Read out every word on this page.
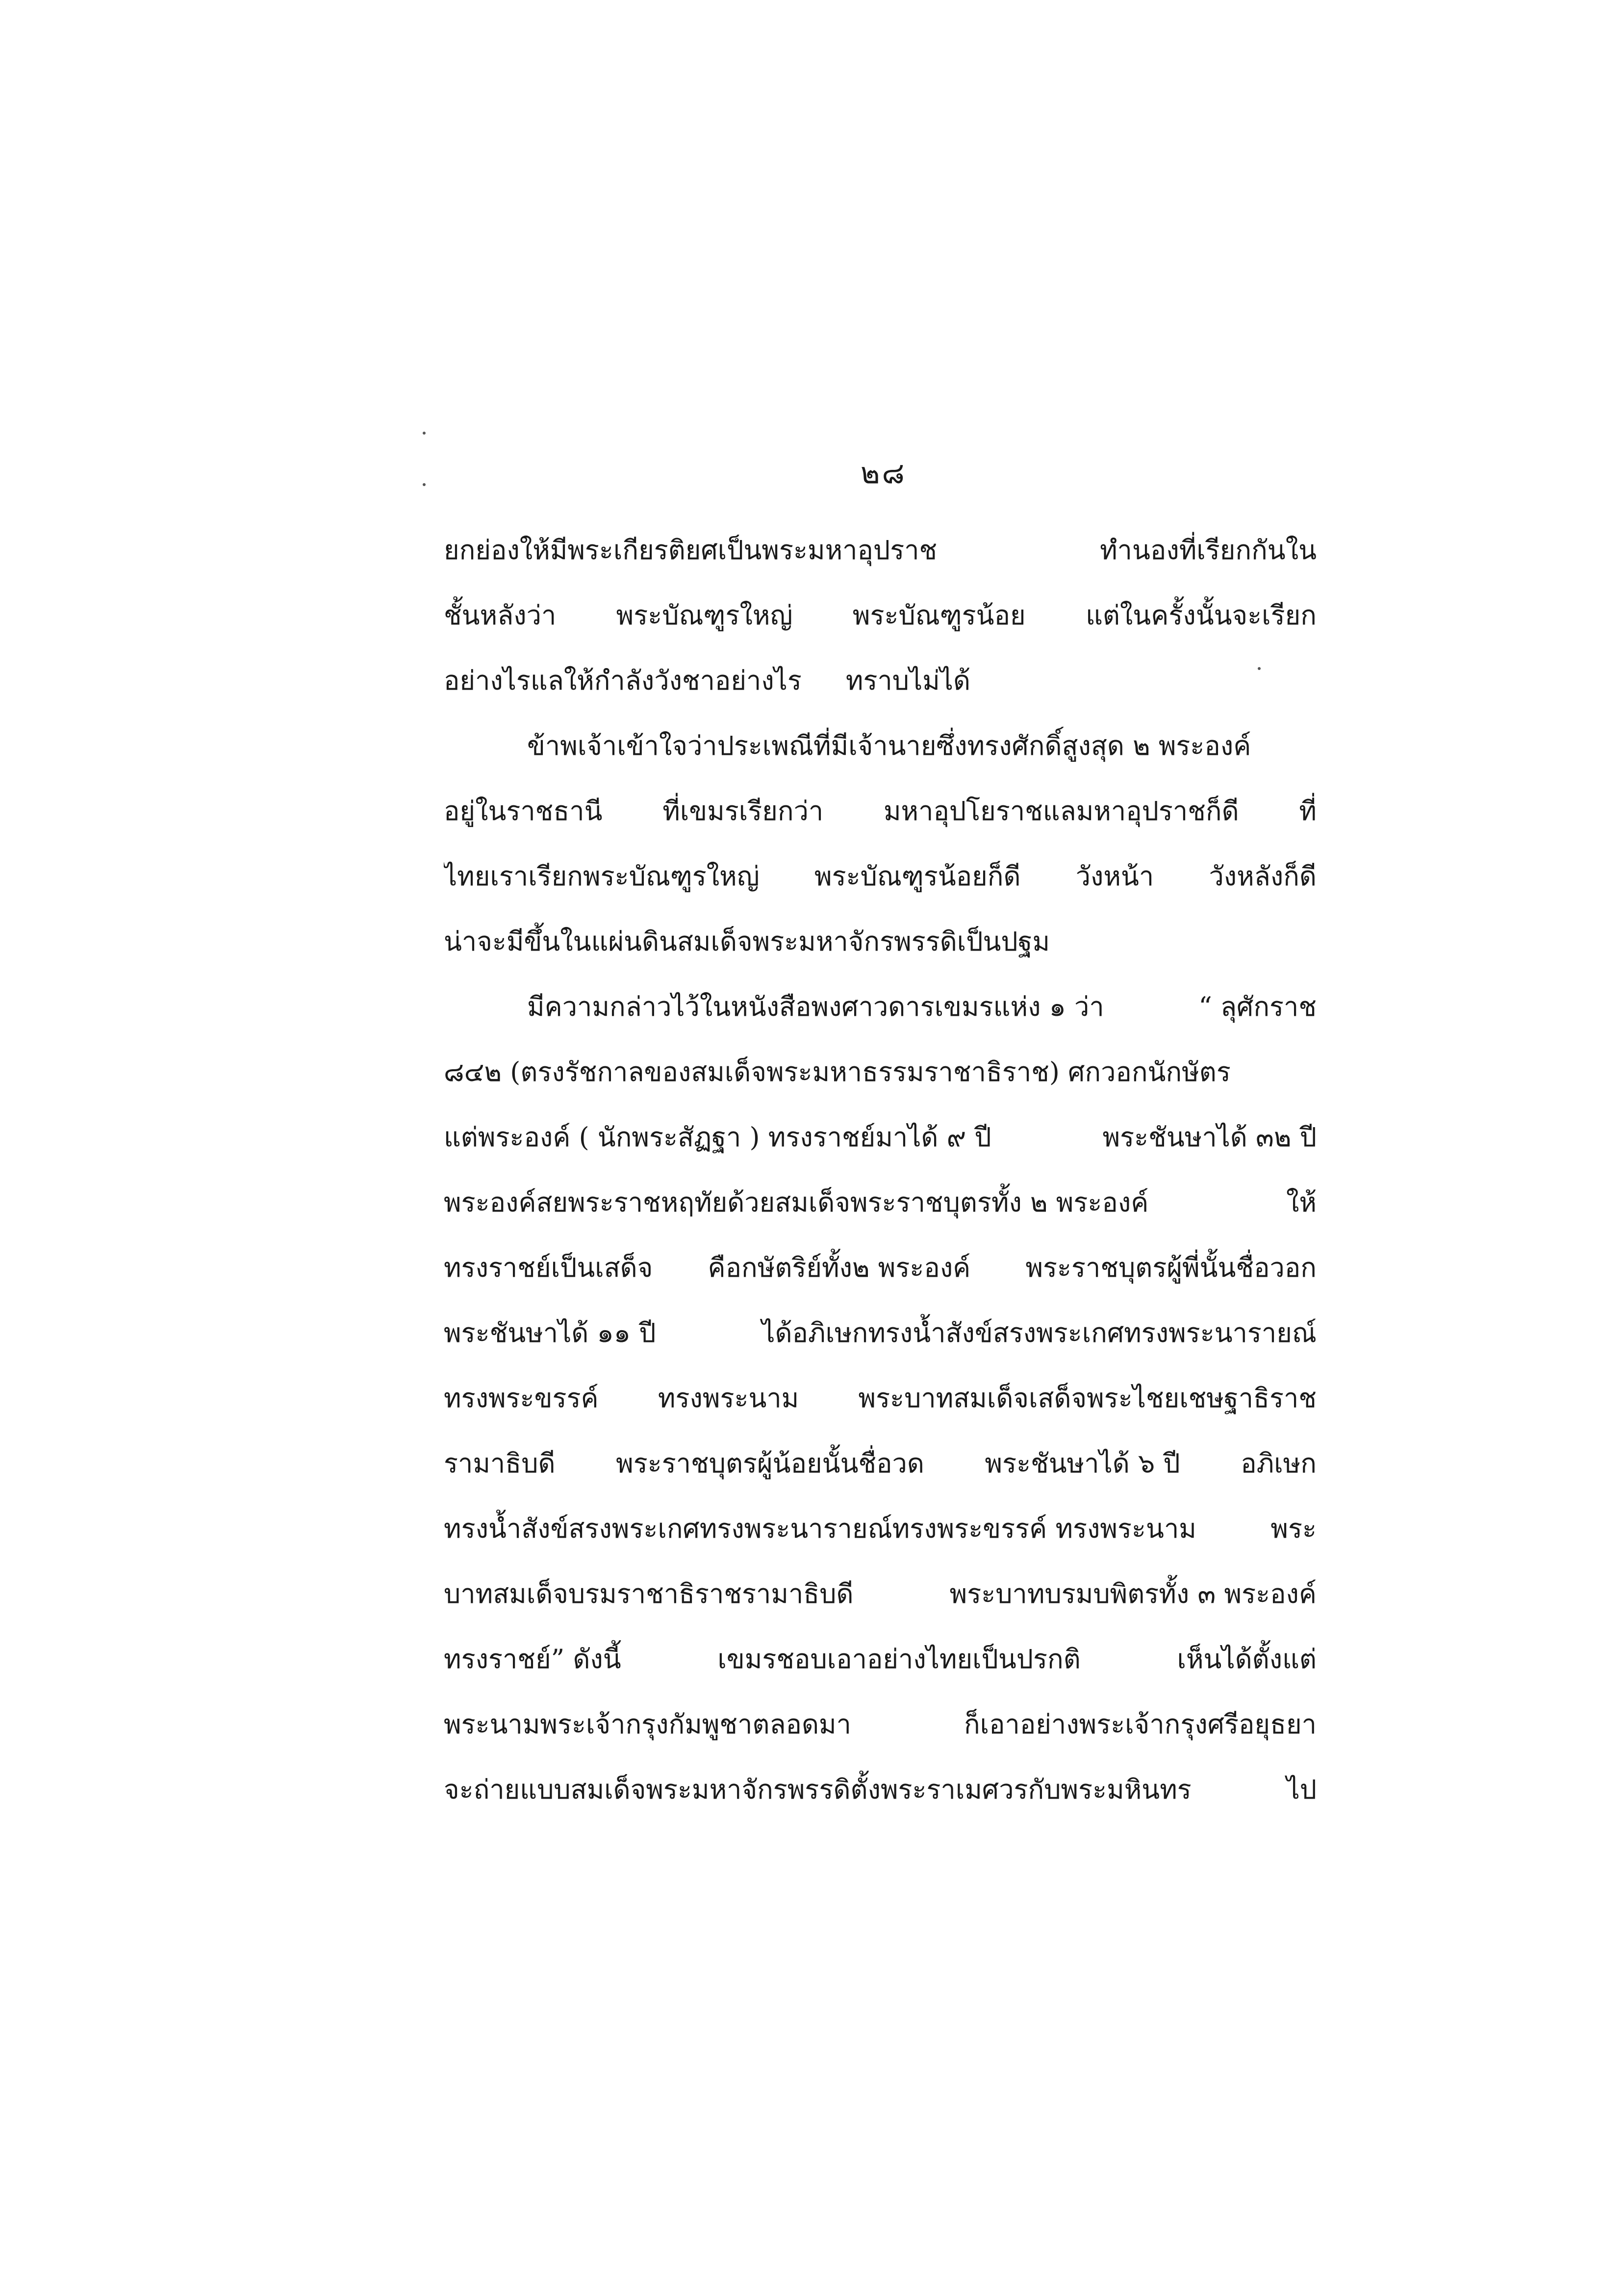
๒๘
ยกย่องให้มีพระเกียรติยศเป็นพระมหาอุปราช	ทำนองที่เรียกกันใน
ชั้นหลังว่า พระบัณฑูรใหญ่ พระบัณฑูรน้อย แต่ในครั้งนั้นจะเรียก
อย่างไรแลให้กำลังวังชาอย่างไร ทราบไม่ได้
ข้าพเจ้าเข้าใจว่าประเพณีที่มีเจ้านายซึ่งทรงศักดิ์สูงสุด ๒ พระองค์
อยู่ในราชธานี ที่เขมรเรียกว่า มหาอุปโยราชแลมหาอุปราชก็ดี ที่
ไทยเราเรียกพระบัณฑูรใหญ่ พระบัณฑูรน้อยก็ดี วังหน้า วังหลังก็ดี
น่าจะมีขึ้นในแผ่นดินสมเด็จพระมหาจักรพรรดิเป็นปฐม
มีความกล่าวไว้ในหนังสือพงศาวดารเขมรแห่ง ๑ ว่า	“ ลุศักราช
๘๔๒ (ตรงรัชกาลของสมเด็จพระมหาธรรมราชาธิราช) ศกวอกนักษัตร
แต่พระองค์ ( นักพระสัฏฐา ) ทรงราชย์มาได้ ๙ ปี	พระชันษาได้ ๓๒ ปี
พระองค์สยพระราชหฤทัยด้วยสมเด็จพระราชบุตรทั้ง ๒ พระองค์	ให้
ทรงราชย์เป็นเสด็จ คือกษัตริย์ทั้ง๒ พระองค์ พระราชบุตรผู้พี่นั้นชื่อวอก
พระชันษาได้ ๑๑ ปี	ได้อภิเษกทรงน้ำสังข์สรงพระเกศทรงพระนารายณ์
ทรงพระขรรค์ ทรงพระนาม พระบาทสมเด็จเสด็จพระไชยเชษฐาธิราช
รามาธิบดี พระราชบุตรผู้น้อยนั้นชื่อวด พระชันษาได้ ๖ ปี อภิเษก
ทรงน้ำสังข์สรงพระเกศทรงพระนารายณ์ทรงพระขรรค์ ทรงพระนาม	พระ
บาทสมเด็จบรมราชาธิราชรามาธิบดี	พระบาทบรมบพิตรทั้ง ๓ พระองค์
ทรงราชย์” ดังนี้	เขมรชอบเอาอย่างไทยเป็นปรกติ	เห็นได้ตั้งแต่
พระนามพระเจ้ากรุงกัมพูชาตลอดมา	ก็เอาอย่างพระเจ้ากรุงศรีอยุธยา
จะถ่ายแบบสมเด็จพระมหาจักรพรรดิตั้งพระราเมศวรกับพระมหินทร	ไป
